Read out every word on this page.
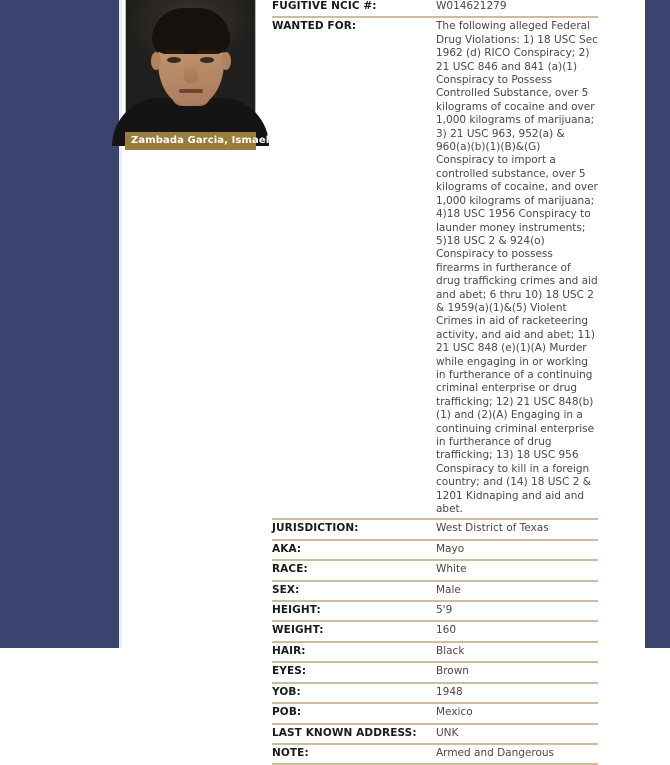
Zambada Garcia, Ismael
FUGITIVE NCIC #:	W014621279
WANTED FOR:	The following alleged Federal Drug Violations: 1) 18 USC Sec 1962 (d) RICO Conspiracy; 2) 21 USC 846 and 841 (a)(1) Conspiracy to Possess Controlled Substance, over 5 kilograms of cocaine and over 1,000 kilograms of marijuana; 3) 21 USC 963, 952(a) & 960(a)(b)(1)(B)&(G) Conspiracy to import a controlled substance, over 5 kilograms of cocaine, and over 1,000 kilograms of marijuana; 4)18 USC 1956 Conspiracy to launder money instruments; 5)18 USC 2 & 924(o) Conspiracy to possess firearms in furtherance of drug trafficking crimes and aid and abet; 6 thru 10) 18 USC 2 & 1959(a)(1)&(5) Violent Crimes in aid of racketeering activity, and aid and abet; 11) 21 USC 848 (e)(1)(A) Murder while engaging in or working in furtherance of a continuing criminal enterprise or drug trafficking; 12) 21 USC 848(b)(1) and (2)(A) Engaging in a continuing criminal enterprise in furtherance of drug trafficking; 13) 18 USC 956 Conspiracy to kill in a foreign country; and (14) 18 USC 2 & 1201 Kidnaping and aid and abet.
JURISDICTION:	West District of Texas
AKA:	Mayo
RACE:	White
SEX:	Male
HEIGHT:	5'9
WEIGHT:	160
HAIR:	Black
EYES:	Brown
YOB:	1948
POB:	Mexico
LAST KNOWN ADDRESS:	UNK
NOTE:	Armed and Dangerous
